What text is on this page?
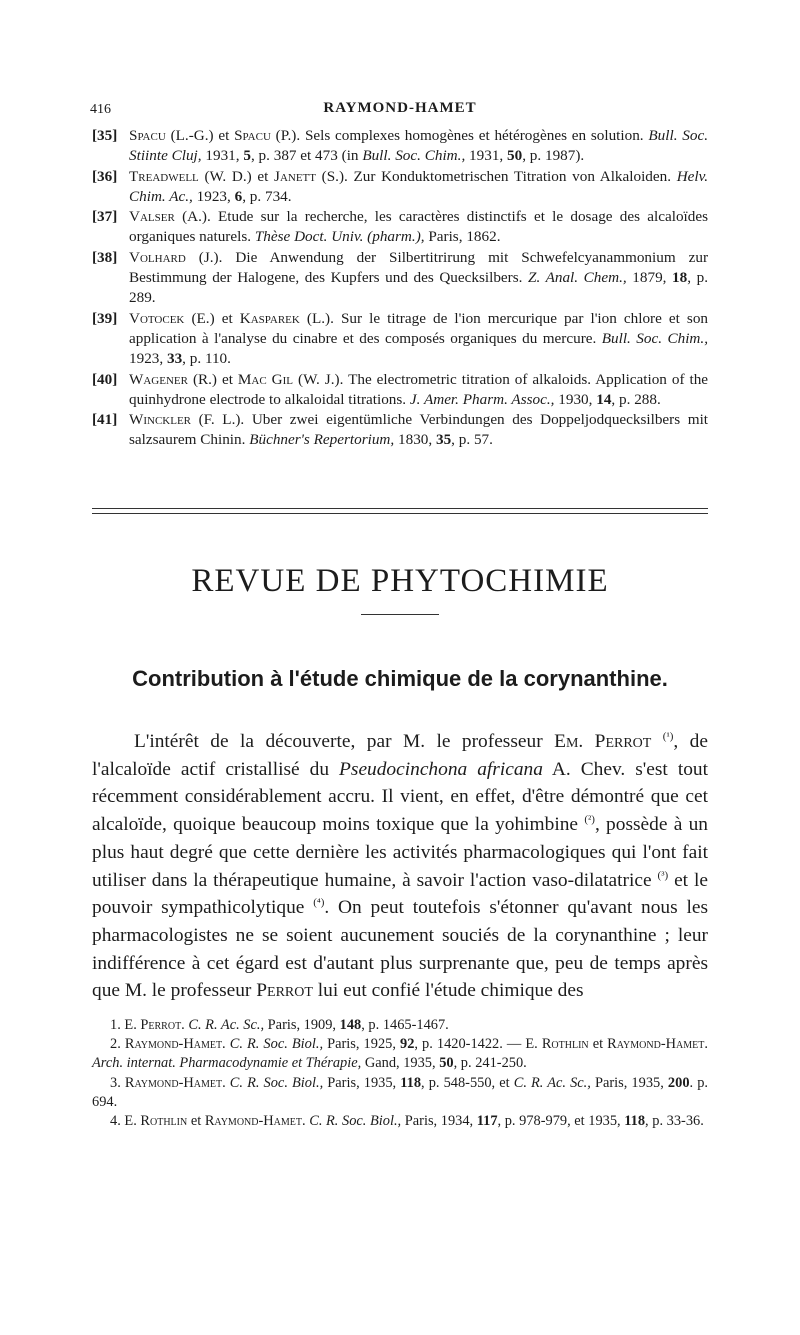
416	RAYMOND-HAMET
[35] Spacu (L.-G.) et Spacu (P.). Sels complexes homogènes et hétérogènes en solution. Bull. Soc. Stiinte Cluj, 1931, 5, p. 387 et 473 (in Bull. Soc. Chim., 1931, 50, p. 1987).
[36] Treadwell (W. D.) et Janett (S.). Zur Konduktometrischen Titration von Alkaloiden. Helv. Chim. Ac., 1923, 6, p. 734.
[37] Valser (A.). Etude sur la recherche, les caractères distinctifs et le dosage des alcaloïdes organiques naturels. Thèse Doct. Univ. (pharm.), Paris, 1862.
[38] Volhard (J.). Die Anwendung der Silbertitrirung mit Schwefelcyanammonium zur Bestimmung der Halogene, des Kupfers und des Quecksilbers. Z. Anal. Chem., 1879, 18, p. 289.
[39] Votocek (E.) et Kasparek (L.). Sur le titrage de l'ion mercurique par l'ion chlore et son application à l'analyse du cinabre et des composés organiques du mercure. Bull. Soc. Chim., 1923, 33, p. 110.
[40] Wagener (R.) et Mac Gil (W. J.). The electrometric titration of alkaloids. Application of the quinhydrone electrode to alkaloidal titrations. J. Amer. Pharm. Assoc., 1930, 14, p. 288.
[41] Winckler (F. L.). Uber zwei eigentümliche Verbindungen des Doppeljodquecksilbers mit salzsaurem Chinin. Büchner's Repertorium, 1830, 35, p. 57.
REVUE DE PHYTOCHIMIE
Contribution à l'étude chimique de la corynanthine.

L'intérêt de la découverte, par M. le professeur Em. Perrot $^{(^1)}$, de l'alcaloïde actif cristallisé du Pseudocinchona africana A. Chev. s'est tout récemment considérablement accru. Il vient, en effet, d'être démontré que cet alcaloïde, quoique beaucoup moins toxique que la yohimbine $^{(^2)}$, possède à un plus haut degré que cette dernière les activités pharmacologiques qui l'ont fait utiliser dans la thérapeutique humaine, à savoir l'action vaso-dilatatrice $^{(^3)}$ et le pouvoir sympathicolytique $^{(^4)}$. On peut toutefois s'étonner qu'avant nous les pharmacologistes ne se soient aucunement souciés de la corynanthine ; leur indifférence à cet égard est d'autant plus surprenante que, peu de temps après que M. le professeur Perrot lui eut confié l'étude chimique des

1. E. Perrot. C. R. Ac. Sc., Paris, 1909, 148, p. 1465-1467.
2. Raymond-Hamet. C. R. Soc. Biol., Paris, 1925, 92, p. 1420-1422. — E. Rothlin et Raymond-Hamet. Arch. internat. Pharmacodynamie et Thérapie, Gand, 1935, 50, p. 241-250.
3. Raymond-Hamet. C. R. Soc. Biol., Paris, 1935, 118, p. 548-550, et C. R. Ac. Sc., Paris, 1935, 200. p. 694.
4. E. Rothlin et Raymond-Hamet. C. R. Soc. Biol., Paris, 1934, 117, p. 978-979, et 1935, 118, p. 33-36.
